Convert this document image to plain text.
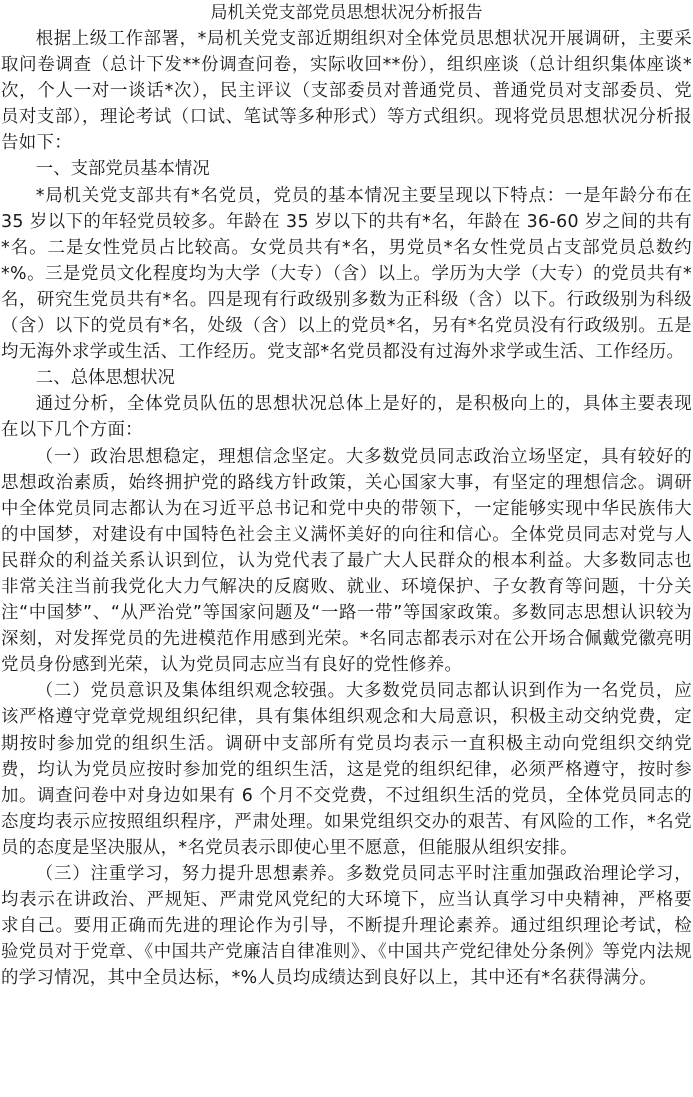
局机关党支部党员思想状况分析报告

根据上级工作部署，*局机关党支部近期组织对全体党员思想状况开展调研，主要采取问卷调查（总计下发**份调查问卷，实际收回**份），组织座谈（总计组织集体座谈*次，个人一对一谈话*次），民主评议（支部委员对普通党员、普通党员对支部委员、党员对支部），理论考试（口试、笔试等多种形式）等方式组织。现将党员思想状况分析报告如下：

一、支部党员基本情况

*局机关党支部共有*名党员，党员的基本情况主要呈现以下特点：一是年龄分布在 35 岁以下的年轻党员较多。年龄在 35 岁以下的共有*名，年龄在 36-60 岁之间的共有*名。二是女性党员占比较高。女党员共有*名，男党员*名女性党员占支部党员总数约*%。三是党员文化程度均为大学（大专）（含）以上。学历为大学（大专）的党员共有*名，研究生党员共有*名。四是现有行政级别多数为正科级（含）以下。行政级别为科级（含）以下的党员有*名，处级（含）以上的党员*名，另有*名党员没有行政级别。五是均无海外求学或生活、工作经历。党支部*名党员都没有过海外求学或生活、工作经历。

二、总体思想状况

通过分析，全体党员队伍的思想状况总体上是好的，是积极向上的，具体主要表现在以下几个方面：

（一）政治思想稳定，理想信念坚定。大多数党员同志政治立场坚定，具有较好的思想政治素质，始终拥护党的路线方针政策，关心国家大事，有坚定的理想信念。调研中全体党员同志都认为在习近平总书记和党中央的带领下，一定能够实现中华民族伟大的中国梦，对建设有中国特色社会主义满怀美好的向往和信心。全体党员同志对党与人民群众的利益关系认识到位，认为党代表了最广大人民群众的根本利益。大多数同志也非常关注当前我党化大力气解决的反腐败、就业、环境保护、子女教育等问题，十分关注“中国梦”、“从严治党”等国家问题及“一路一带”等国家政策。多数同志思想认识较为深刻，对发挥党员的先进模范作用感到光荣。*名同志都表示对在公开场合佩戴党徽亮明党员身份感到光荣，认为党员同志应当有良好的党性修养。

（二）党员意识及集体组织观念较强。大多数党员同志都认识到作为一名党员，应该严格遵守党章党规组织纪律，具有集体组织观念和大局意识，积极主动交纳党费，定期按时参加党的组织生活。调研中支部所有党员均表示一直积极主动向党组织交纳党费，均认为党员应按时参加党的组织生活，这是党的组织纪律，必须严格遵守，按时参加。调查问卷中对身边如果有 6 个月不交党费，不过组织生活的党员，全体党员同志的态度均表示应按照组织程序，严肃处理。如果党组织交办的艰苦、有风险的工作，*名党员的态度是坚决服从，*名党员表示即使心里不愿意，但能服从组织安排。

（三）注重学习，努力提升思想素养。多数党员同志平时注重加强政治理论学习，均表示在讲政治、严规矩、严肃党风党纪的大环境下，应当认真学习中央精神，严格要求自己。要用正确而先进的理论作为引导，不断提升理论素养。通过组织理论考试，检验党员对于党章、《中国共产党廉洁自律准则》、《中国共产党纪律处分条例》等党内法规的学习情况，其中全员达标，*%人员均成绩达到良好以上，其中还有*名获得满分。
